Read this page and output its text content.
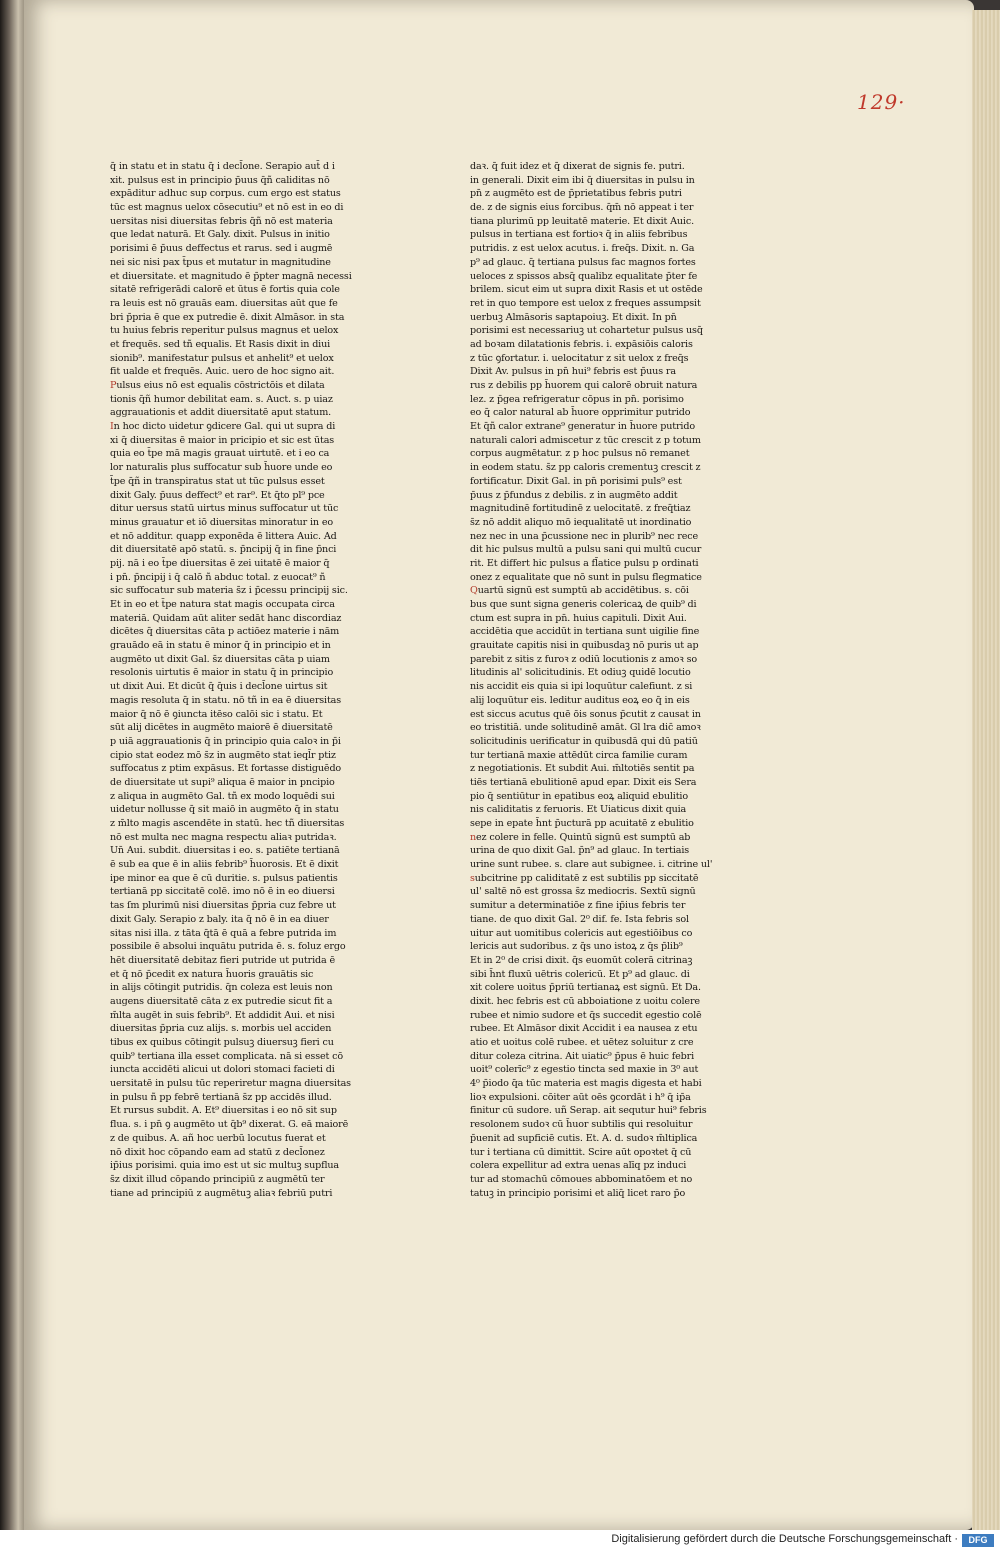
129·
q̄ in statu et in statu q̄ i decl̄one. Serapio aut̄ d i
xit. pulsus est in principio p̄uus q̄ñ caliditas nō
expāditur adhuc sup corpus. cum ergo est status
tūc est magnus uelox cōsecutiu⁹ et nō est in eo di
uersitas nisi diuersitas febris q̄ñ nō est materia
que ledat naturā. Et Galy. dixit. Pulsus in initio
porisimi ē p̄uus deffectus et rarus. sed i augmē
nei sic nisi pax t̄pus et mutatur in magnitudine
et diuersitate. et magnitudo ē p̄pter magnā necessi
sitatē refrigerādi calorē et ūtus ē fortis quia cole
ra leuis est nō grauās eam. diuersitas aūt que fe
bri p̄pria ē que ex putredie ē. dixit Almāsor. in sta
tu huius febris reperitur pulsus magnus et uelox
et frequēs. sed tñ equalis. Et Rasis dixit in diui
sionib⁹. manifestatur pulsus et anhelit⁹ et uelox
fit ualde et frequēs. Auic. uero de hoc signo ait.
Pulsus eius nō est equalis cōstrictōis et dilata
tionis q̄ñ humor debilitat eam. s. Auct. s. p uiaz
aggrauationis et addit diuersitatē aput statum.
In hoc dicto uidetur ꝯdicere Gal. qui ut supra di
xi q̄ diuersitas ē maior in pricipio et sic est ūtas
quia eo t̄pe mā magis grauat uirtutē. et i eo ca
lor naturalis plus suffocatur sub h̄uore unde eo
t̄pe q̄ñ in transpiratus stat ut tūc pulsus esset
dixit Galy. p̄uus deffect⁹ et rar⁹. Et q̄to pl⁹ pce
ditur uersus statū uirtus minus suffocatur ut tūc
minus grauatur et iō diuersitas minoratur in eo
et nō additur. quapp exponēda ē littera Auic. Ad
dit diuersitatē apō statū. s. p̄ncipij q̄ in fine p̄nci
pij. nā i eo t̄pe diuersitas ē zei uitatē ē maior q̄
i pn̄. p̄ncipij i q̄ calō ñ abduc total. z euocat⁹ ñ
sic suffocatur sub materia s̄z i p̄cessu principij sic.
Et in eo et t̄pe natura stat magis occupata circa
materiā. Quidam aūt aliter sedāt hanc discordiaz
dicētes q̄ diuersitas cāta p actiōez materie i nām
grauādo eā in statu ē minor q̄ in principio et in
augmēto ut dixit Gal. s̄z diuersitas cāta p uiam
resolonis uirtutis ē maior in statu q̄ in principio
ut dixit Aui. Et dicūt q̄ q̄uis i decl̄one uirtus sit
magis resoluta q̄ in statu. nō tñ in ea ē diuersitas
maior q̄ nō ē ꝯiuncta itēso calōi sic i statu. Et
sūt alij dicētes in augmēto maiorē ē diuersitatē
p uiā aggrauationis q̄ in principio quia caloꝛ in p̄i
cipio stat eodez mō s̄z in augmēto stat ieql̄r ptiz
suffocatus z ptim expāsus. Et fortasse distiguēdo
de diuersitate ut supi⁹ aliqua ē maior in pncipio
z aliqua in augmēto Gal. tñ ex modo loquēdi sui
uidetur nollusse q̄ sit maiō in augmēto q̄ in statu
z m̄lto magis ascendēte in statū. hec tñ diuersitas
nō est multa nec magna respectu aliaꝛ putridaꝛ.
Un̄ Aui. subdit. diuersitas i eo. s. patiēte tertianā
ē sub ea que ē in aliis febrib⁹ h̄uorosis. Et ē dixit
ipe minor ea que ē cū duritie. s. pulsus patientis
tertianā pp siccitatē colē. imo nō ē in eo diuersi
tas ſm plurimū nisi diuersitas p̄pria cuz febre ut
dixit Galy. Serapio z baly. ita q̄ nō ē in ea diuer
sitas nisi illa. z tāta q̄tā ē quā a febre putrida im
possibile ē absolui inquātu putrida ē. s. foluz ergo
hēt diuersitatē debitaz fieri putride ut putrida ē
et q̄ nō p̄cedit ex natura h̄uoris grauātis sic
in alijs cōtingit putridis. q̄n coleza est leuis non
augens diuersitatē cāta z ex putredie sicut fit a
m̄lta augēt in suis febrib⁹. Et addidit Aui. et nisi
diuersitas p̄pria cuz alijs. s. morbis uel acciden
tibus ex quibus cōtingit pulsuꝫ diuersuꝫ fieri cu
quib⁹ tertiana illa esset complicata. nā si esset cō
iuncta accidēti alicui ut dolori stomaci facieti di
uersitatē in pulsu tūc reperiretur magna diuersitas
in pulsu ñ pp febrē tertianā s̄z pp accidēs illud.
Et rursus subdit. A. Et⁹ diuersitas i eo nō sit sup
flua. s. i pn̄ ꝯ augmēto ut q̄b⁹ dixerat. G. eā maiorē
z de quibus. A. añ hoc uerbū locutus fuerat et
nō dixit hoc cōpando eam ad statū z decl̄onez
ip̄ius porisimi. quia imo est ut sic multuꝫ supflua
s̄z dixit illud cōpando principiū z augmētū ter
tiane ad principiū z augmētuꝫ aliaꝛ febriū putri
daꝛ. q̄ fuit idez et q̄ dixerat de signis fe. putri.
in generali. Dixit eim ibi q̄ diuersitas in pulsu in
pn̄ z augmēto est de p̄prietatibus febris putri
de. z de signis eius forcibus. q̄m̄ nō appeat i ter
tiana plurimū pp leuitatē materie. Et dixit Auic.
pulsus in tertiana est fortioꝛ q̄ in aliis febribus
putridis. z est uelox acutus. i. freq̄s. Dixit. n. Ga
p⁹ ad glauc. q̄ tertiana pulsus fac magnos fortes
ueloces z spissos absq̄ qualibz equalitate p̄ter fe
brilem. sicut eim ut supra dixit Rasis et ut ostēde
ret in quo tempore est uelox z freques assumpsit
uerbuꝫ Almāsoris saptapoiuꝫ. Et dixit. In pn̄
porisimi est necessariuꝫ ut cohartetur pulsus usq̄
ad boꝛam dilatationis febris. i. expāsiōis caloris
z tūc ꝯfortatur. i. uelocitatur z sit uelox z freq̄s
Dixit Av. pulsus in pn̄ hui⁹ febris est p̄uus ra
rus z debilis pp h̄uorem qui calorē obruit natura
lez. z p̄gea refrigeratur cōpus in pn̄. porisimo
eo q̄ calor natural ab h̄uore opprimitur putrido
Et q̄ñ calor extrane⁹ generatur in h̄uore putrido
naturali calori admiscetur z tūc crescit z p totum
corpus augmētatur. z p hoc pulsus nō remanet
in eodem statu. s̄z pp caloris crementuꝫ crescit z
fortificatur. Dixit Gal. in pn̄ porisimi puls⁹ est
p̄uus z p̄fundus z debilis. z in augmēto addit
magnitudinē fortitudinē z uelocitatē. z freq̄tiaz
s̄z nō addit aliquo mō iequalitatē ut inordinatio
nez nec in una p̄cussione nec in plurib⁹ nec rece
dit hic pulsus multū a pulsu sani qui multū cucur
rit. Et differt hic pulsus a fl̄atice pulsu p ordinati
onez z equalitate que nō sunt in pulsu flegmatice
Quartū signū est sumptū ab accidētibus. s. cōi
bus que sunt signa generis colericaꝝ de quib⁹ di
ctum est supra in pn̄. huius capituli. Dixit Aui.
accidētia que accidūt in tertiana sunt uigilie fine
grauitate capitis nisi in quibusdaꝫ nō puris ut ap
parebit z sitis z furoꝛ z odiū locutionis z amoꝛ so
litudinis al' solicitudinis. Et odiuꝫ quidē locutio
nis accidit eis quia si ipi loquūtur calefiunt. z si
alij loquūtur eis. leditur auditus eoꝝ eo q̄ in eis
est siccus acutus quē ōis sonus p̄cutit z causat in
eo tristitiā. unde solitudinē amāt. Gl lra dic̄ amoꝛ
solicitudinis uerificatur in quibusdā qui dū patiū
tur tertianā maxie attēdūt circa familie curam
z negotiationis. Et subdit Aui. m̄ltotiēs sentit pa
tiēs tertianā ebulitionē apud epar. Dixit eis Sera
pio q̄ sentiūtur in epatibus eoꝝ aliquid ebulitio
nis caliditatis z feruoris. Et Uiaticus dixit quia
sepe in epate h̄nt p̄ucturā pp acuitatē z ebulitio
nez colere in felle. Quintū signū est sumptū ab
urina de quo dixit Gal. p̄n⁹ ad glauc. In tertiais
urine sunt rubee. s. clare aut subignee. i. citrine ul'
subcitrine pp caliditatē z est subtilis pp siccitatē
ul' saltē nō est grossa s̄z mediocris. Sextū signū
sumitur a determinatiōe z fine ip̄ius febris ter
tiane. de quo dixit Gal. 2⁰ dif. fe. Ista febris sol
uitur aut uomitibus colericis aut egestiōibus co
lericis aut sudoribus. z q̄s uno istoꝝ z q̄s p̄lib⁹
Et in 2⁰ de crisi dixit. q̄s euomūt colerā citrinaꝫ
sibi h̄nt fluxū uētris colericū. Et p⁹ ad glauc. di
xit colere uoitus p̄priū tertianaꝝ est signū. Et Da.
dixit. hec febris est cū abboiatione z uoitu colere
rubee et nimio sudore et q̄s succedit egestio colē
rubee. Et Almāsor dixit Accidit i ea nausea z etu
atio et uoitus colē rubee. et uētez soluitur z cre
ditur coleza citrina. Ait uiatic⁹ p̄pus ē huic febri
uoit⁹ colerīc⁹ z egestio tincta sed maxie in 3⁰ aut
4⁰ p̄iodo q̄a tūc materia est magis digesta et habi
lioꝛ expulsioni. cōiter aūt oēs ꝯcordāt i h⁹ q̄ ip̄a
finitur cū sudore. uñ Serap. ait sequtur hui⁹ febris
resolonem sudoꝛ cū h̄uor subtilis qui resoluitur
p̄uenit ad supficiē cutis. Et. A. d. sudoꝛ m̄ltiplica
tur i tertiana cū dimittit. Scire aūt opoꝛtet q̄ cū
colera expellitur ad extra uenas alīq pz induci
tur ad stomachū cōmoues abbominatōem et no
tatuꝫ in principio porisimi et aliq̄ licet raro p̄o
Digitalisierung gefördert durch die Deutsche Forschungsgemeinschaft ·	DFG
